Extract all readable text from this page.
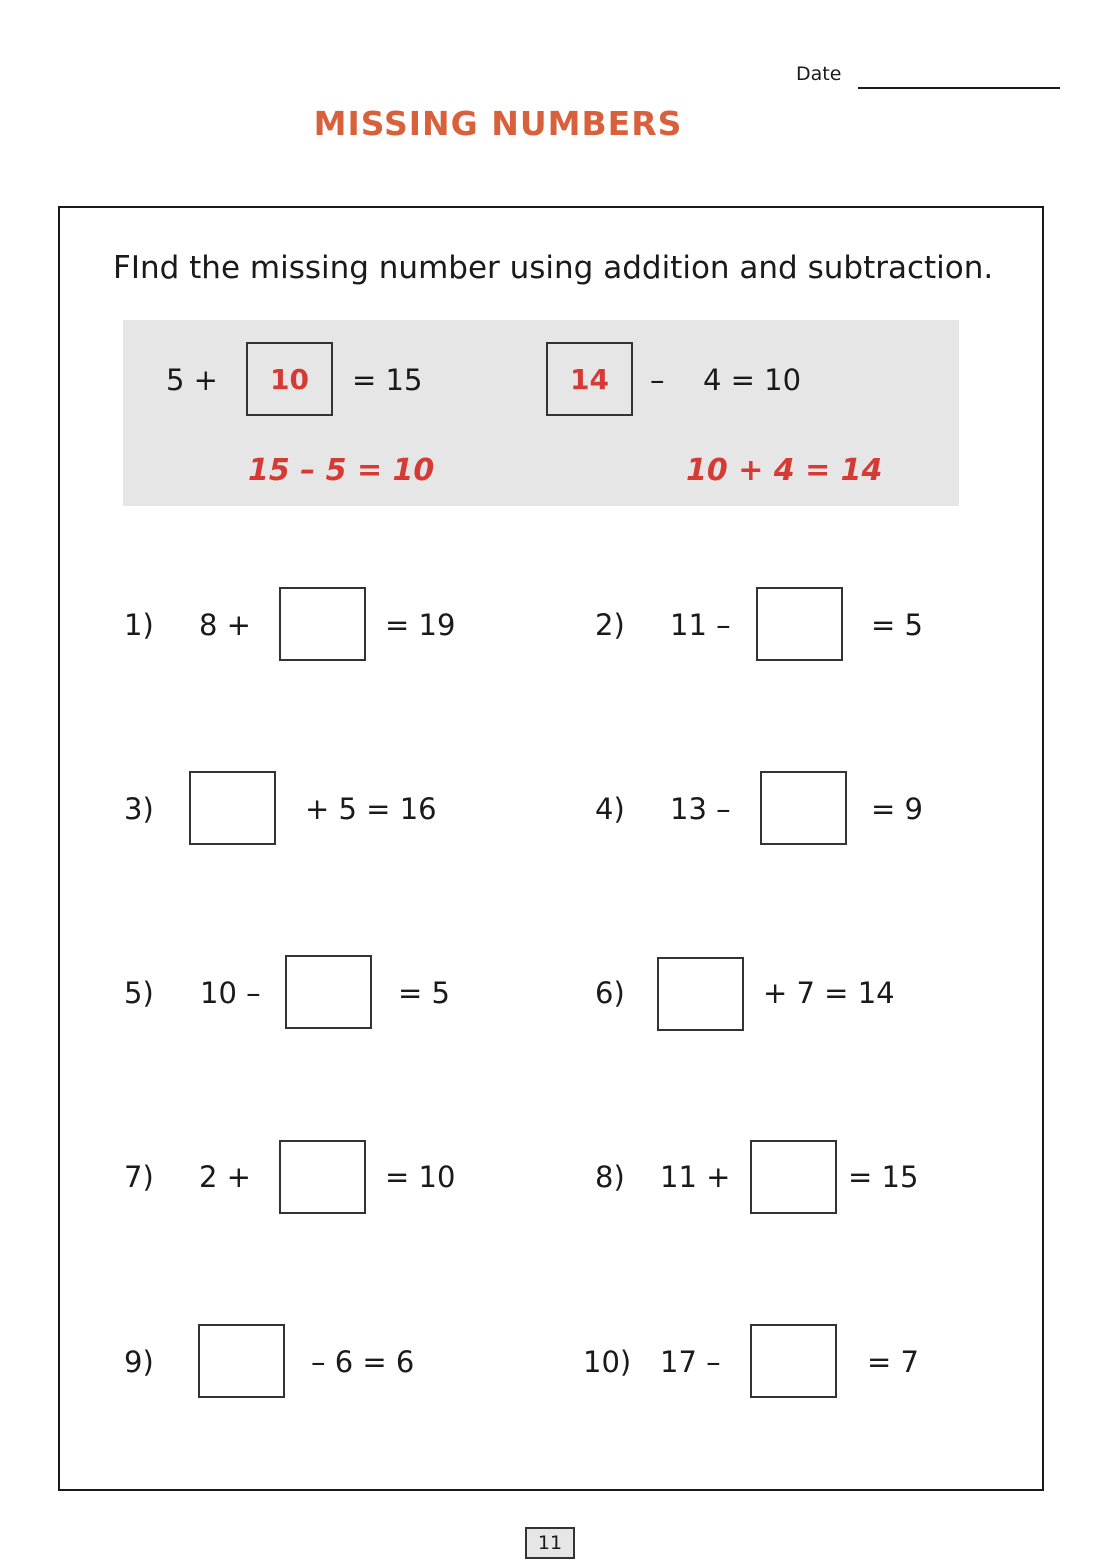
Date
MISSING NUMBERS
FInd the missing number using addition and subtraction.
5 + 10 = 15
15 – 5 = 10
14 – 4 = 10
10 + 4 = 14
1) 8 +	= 19	2) 11 –	= 5
3)	+ 5 = 16	4) 13 –	= 9
5) 10 –	= 5	6)	+ 7 = 14
7) 2 +	= 10	8) 11 +	= 15
9)	– 6 = 6	10) 17 –	= 7
11
